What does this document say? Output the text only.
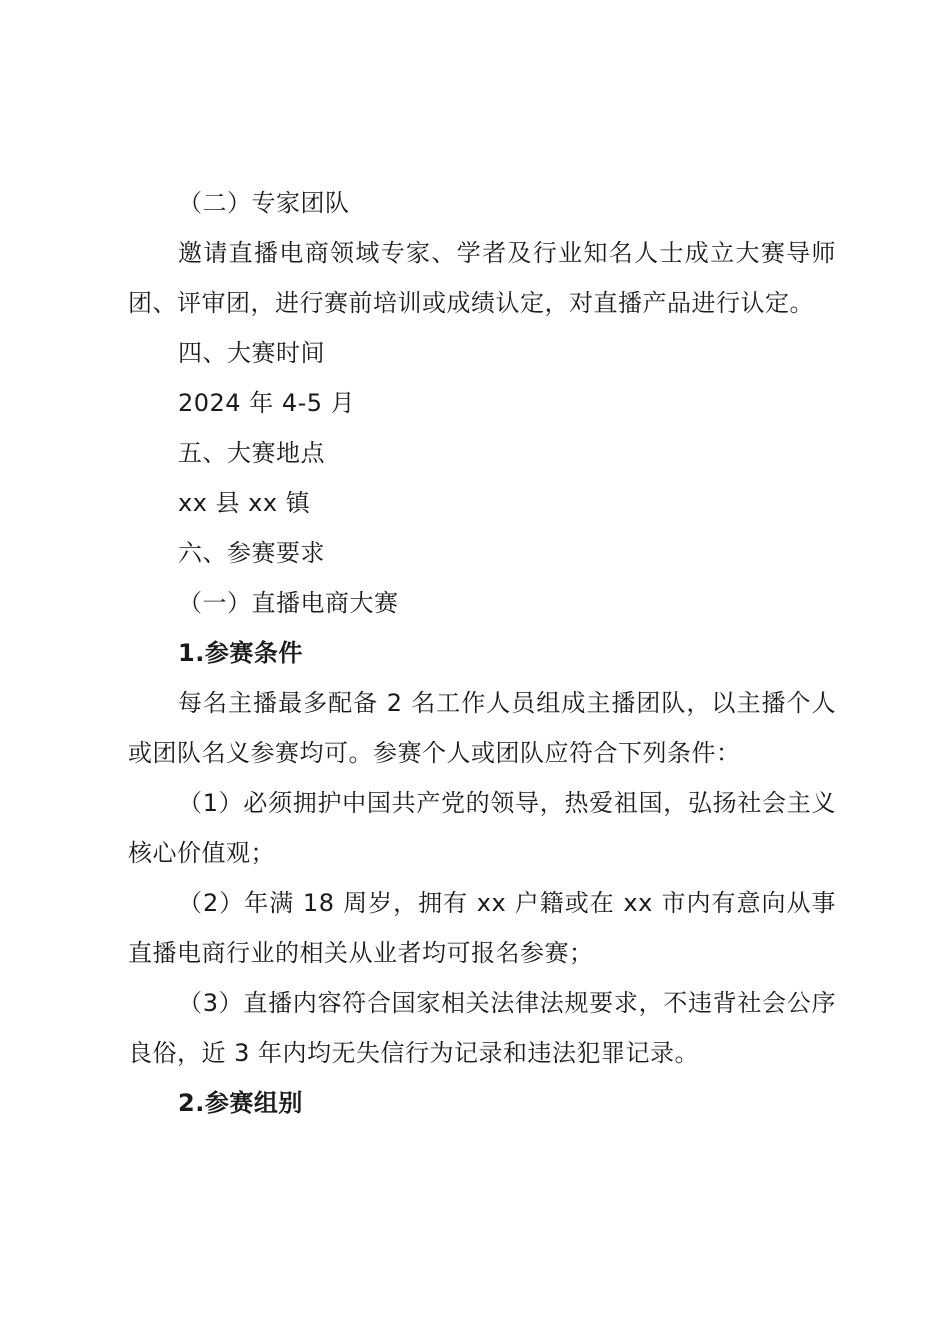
（二）专家团队

邀请直播电商领域专家、学者及行业知名人士成立大赛导师团、评审团，进行赛前培训或成绩认定，对直播产品进行认定。

四、大赛时间

2024 年 4-5 月

五、大赛地点

xx 县 xx 镇

六、参赛要求

（一）直播电商大赛

1.参赛条件

每名主播最多配备 2 名工作人员组成主播团队，以主播个人或团队名义参赛均可。参赛个人或团队应符合下列条件：

（1）必须拥护中国共产党的领导，热爱祖国，弘扬社会主义核心价值观；

（2）年满 18 周岁，拥有 xx 户籍或在 xx 市内有意向从事直播电商行业的相关从业者均可报名参赛；

（3）直播内容符合国家相关法律法规要求，不违背社会公序良俗，近 3 年内均无失信行为记录和违法犯罪记录。

2.参赛组别
